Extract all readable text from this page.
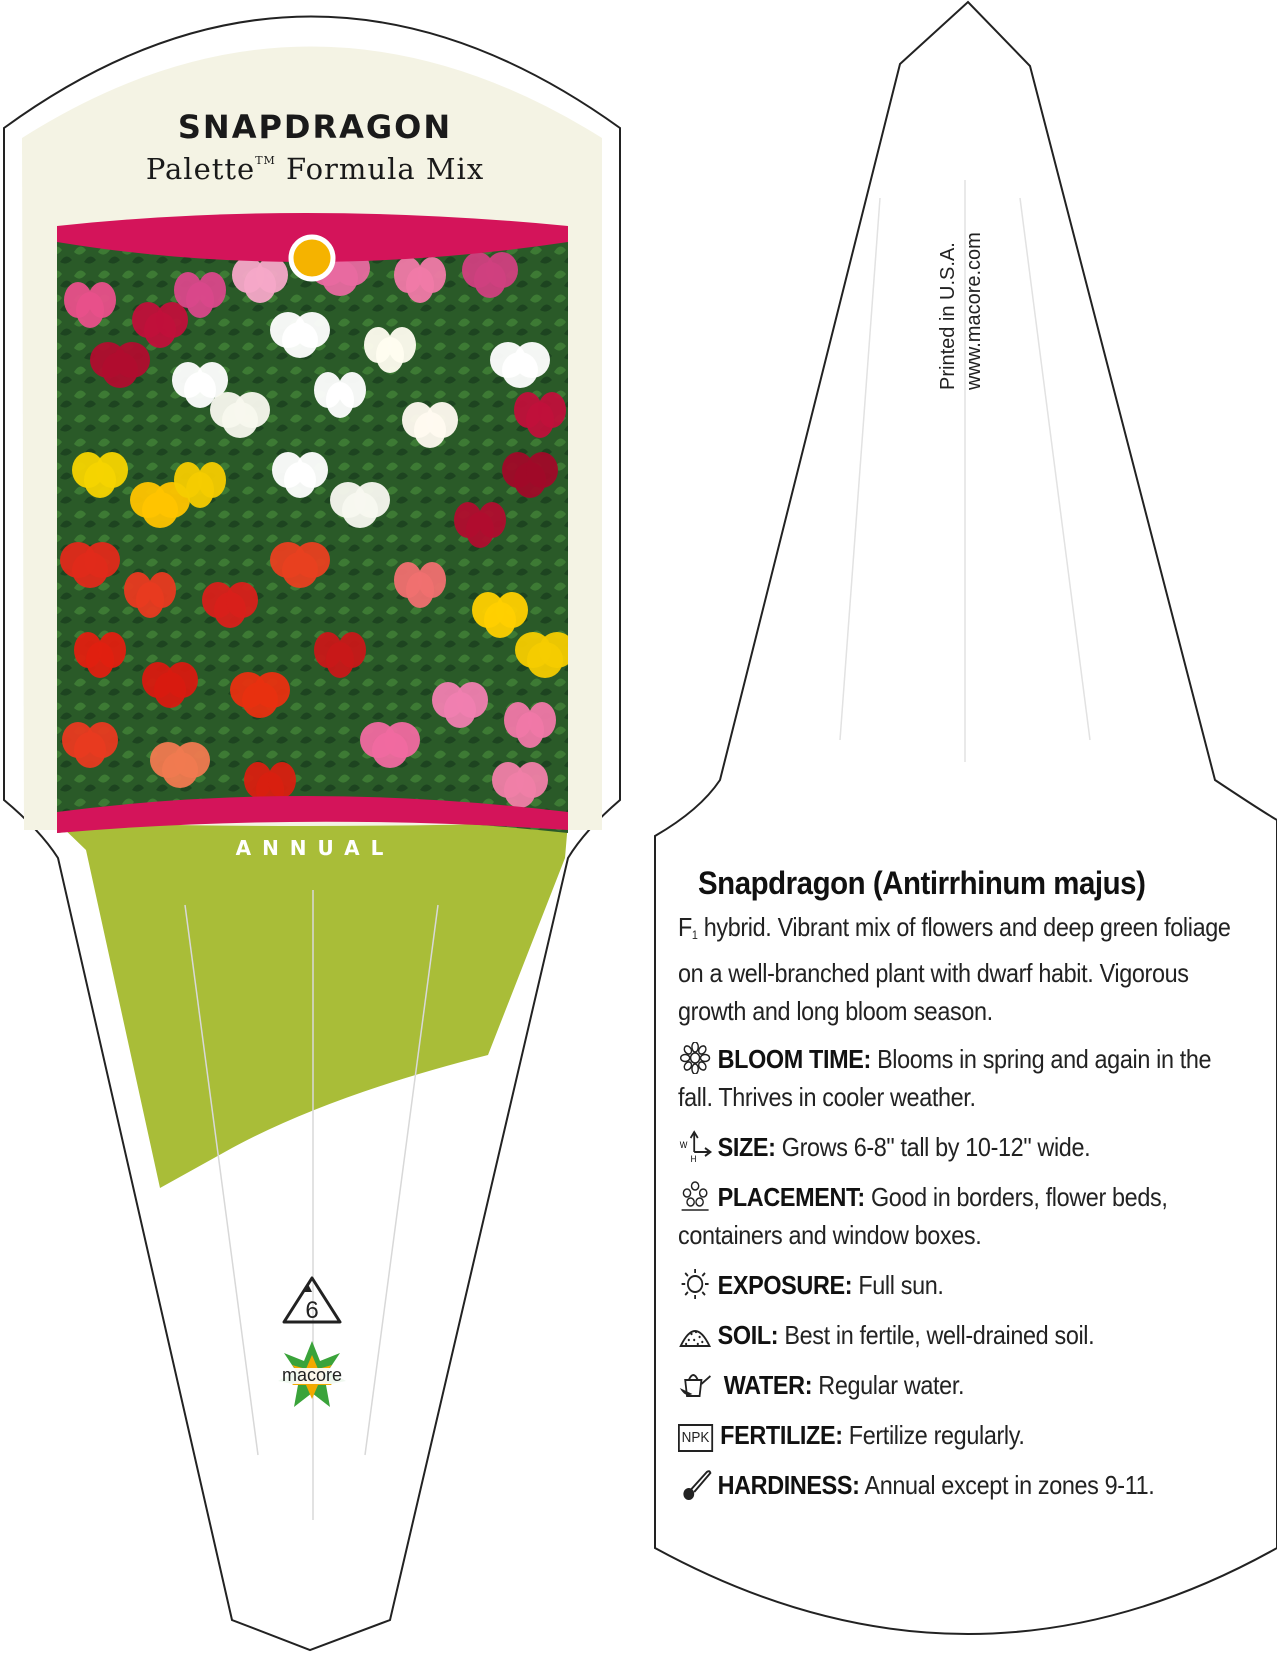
6
macore
SNAPDRAGON
Palette™ Formula Mix
ANNUAL
Printed in U.S.A. www.macore.com
Snapdragon (Antirrhinum majus)
$F_1$ hybrid. Vibrant mix of flowers and deep green foliage on a well-branched plant with dwarf habit. Vigorous growth and long bloom season.
BLOOM TIME: Blooms in spring and again in the fall. Thrives in cooler weather.
W
H SIZE: Grows 6-8" tall by 10-12" wide.
PLACEMENT: Good in borders, flower beds, containers and window boxes.
EXPOSURE: Full sun.
SOIL: Best in fertile, well-drained soil.
WATER: Regular water.
NPK FERTILIZE: Fertilize regularly.
HARDINESS: Annual except in zones 9-11.
